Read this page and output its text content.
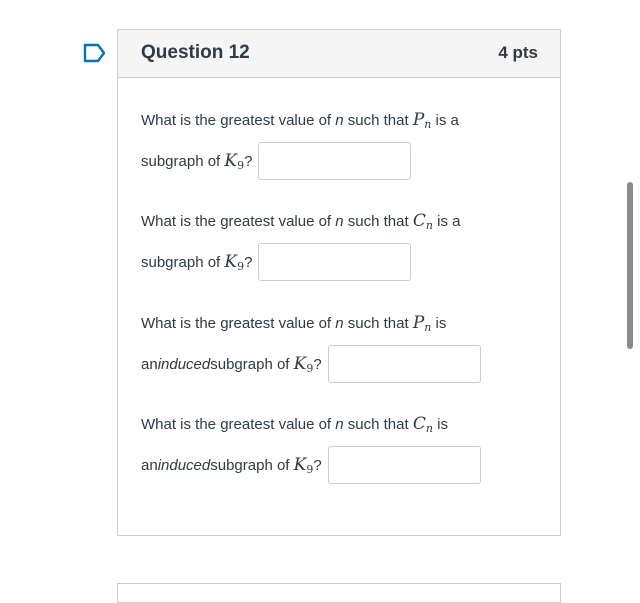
Question 12	4 pts
What is the greatest value of n such that $P_n$ is a
subgraph of
K9 ?
What is the greatest value of n such that $C_n$ is a
subgraph of
K9 ?
What is the greatest value of n such that $P_n$ is
an induced subgraph of
K9 ?
What is the greatest value of n such that $C_n$ is
an induced subgraph of
K9 ?
